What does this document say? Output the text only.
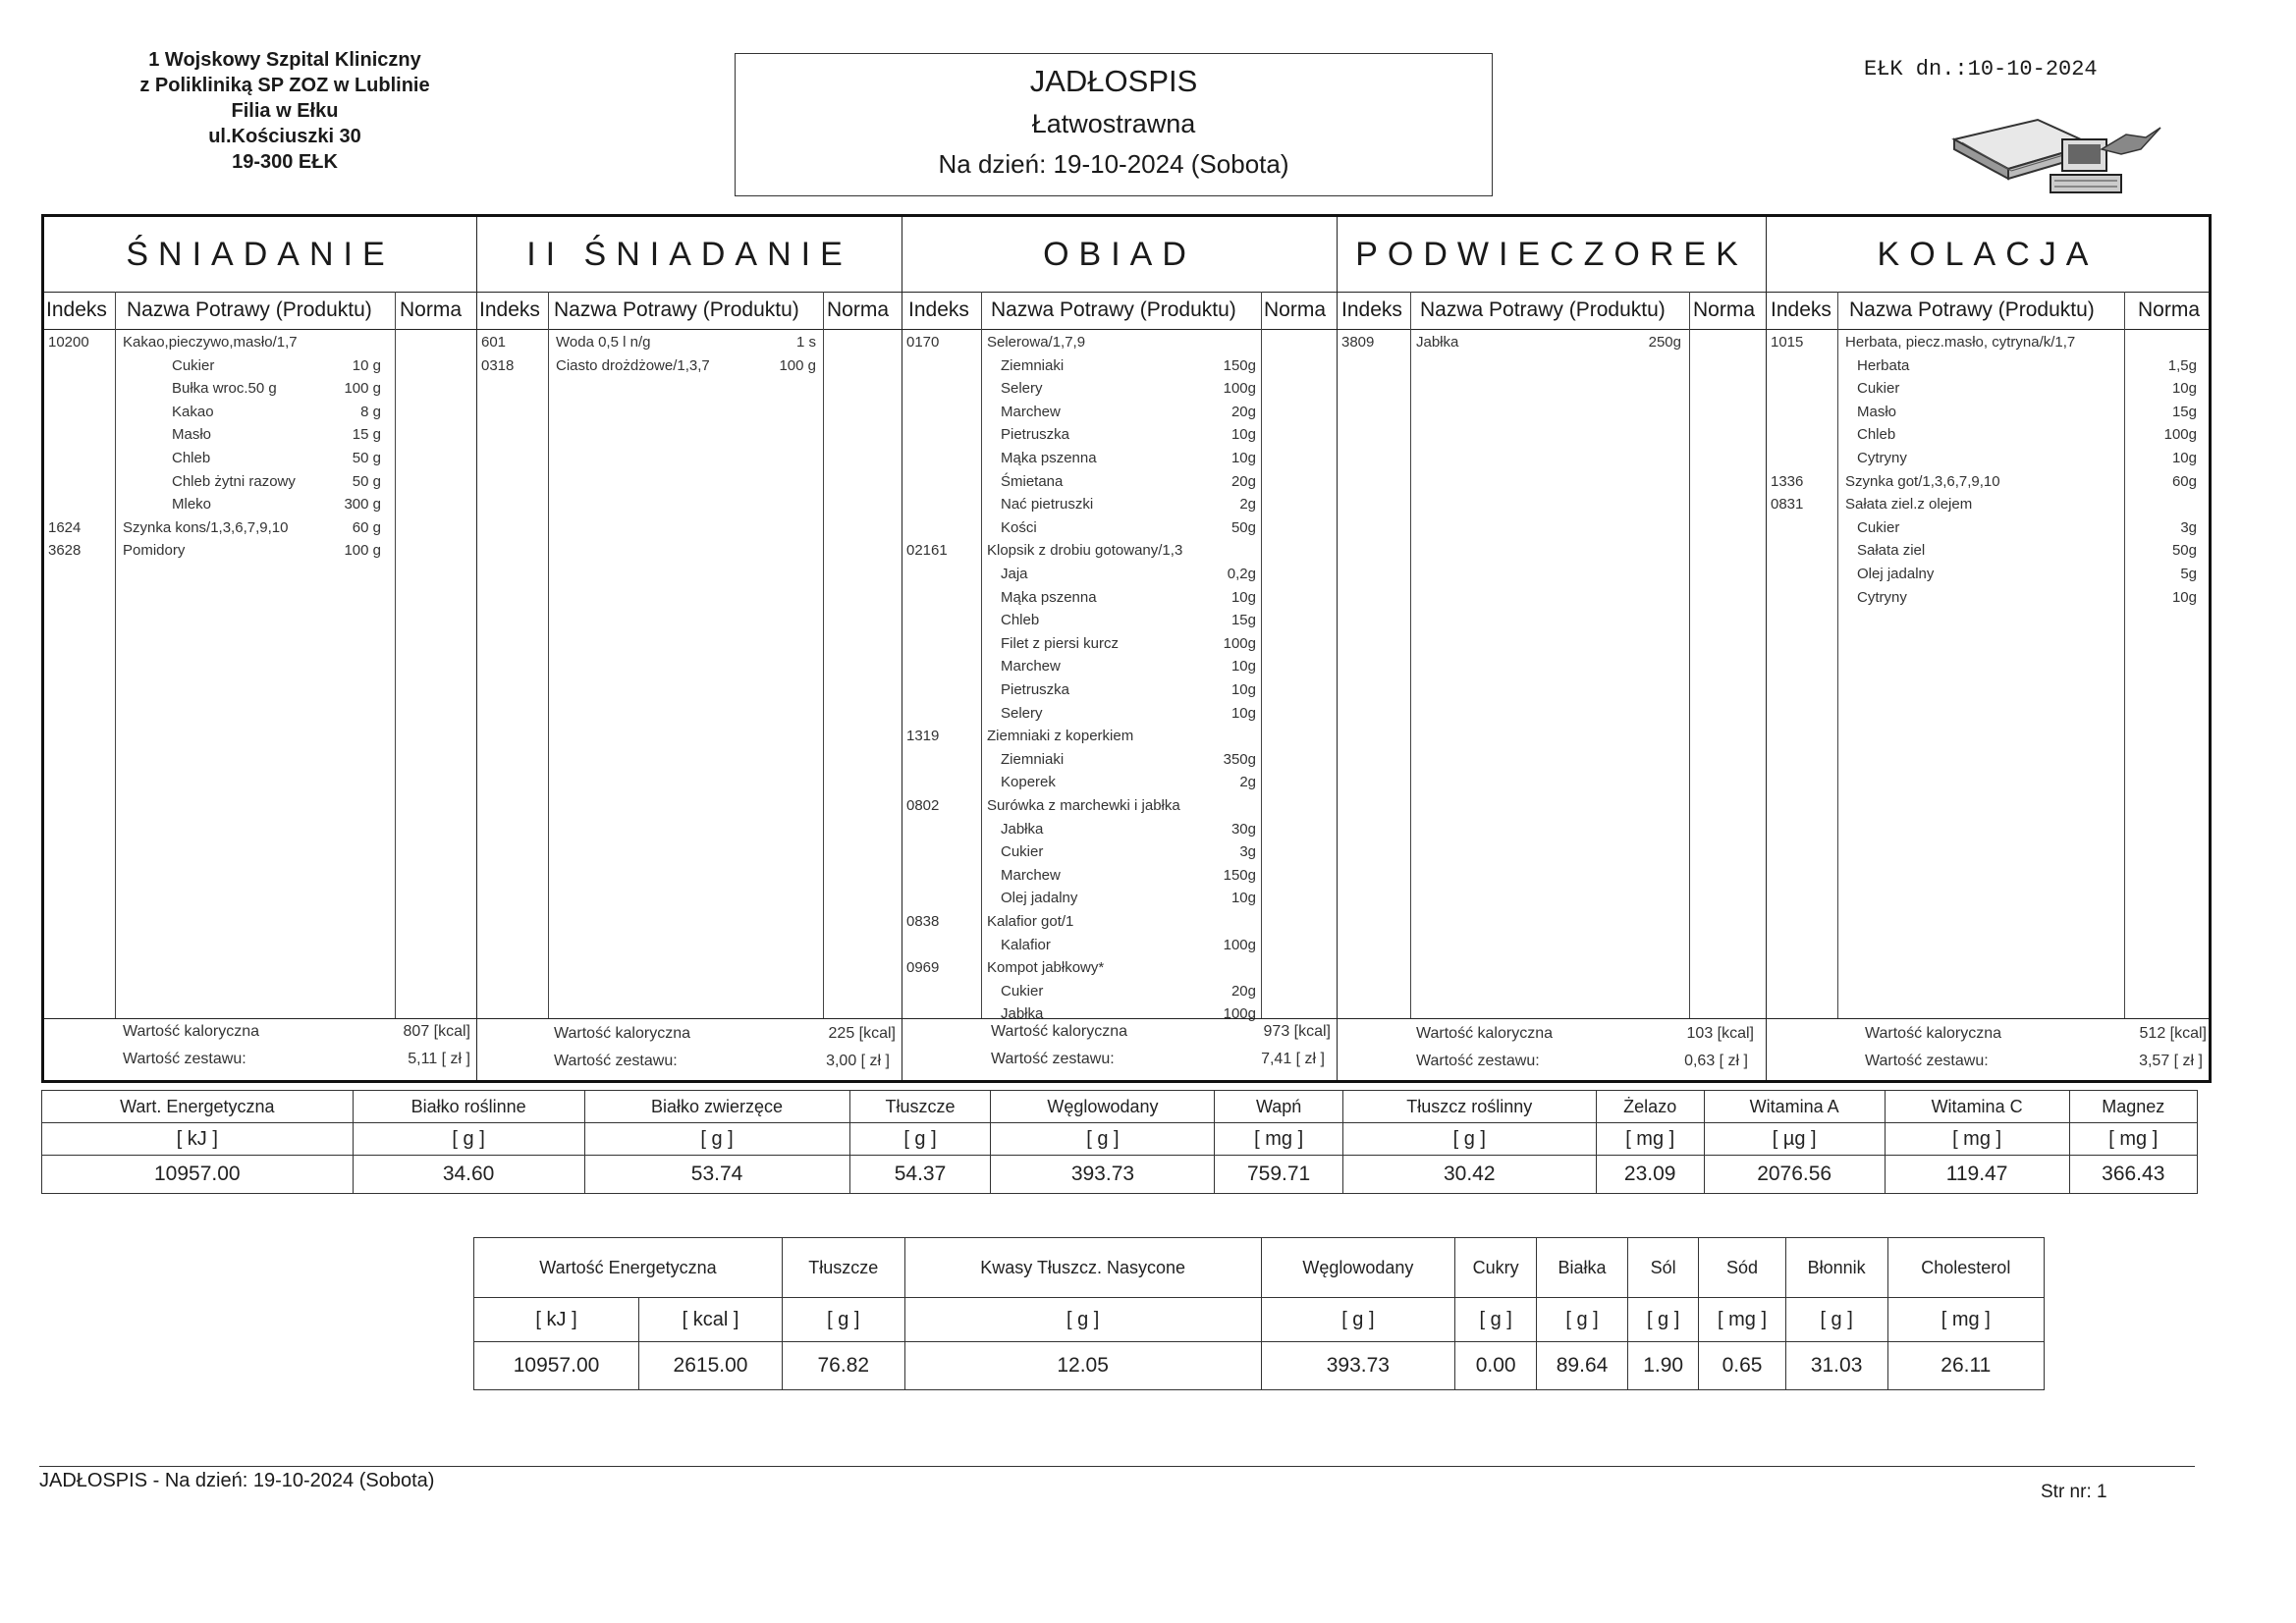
1 Wojskowy Szpital Kliniczny
z Polikliniką SP ZOZ w Lublinie
Filia w Ełku
ul.Kościuszki 30
19-300 EŁK
JADŁOSPIS
Łatwostrawna
Na dzień: 19-10-2024 (Sobota)
EŁK dn.:10-10-2024
ŚNIADANIE
Indeks Nazwa Potrawy (Produktu) Norma
10200 Kakao,pieczywo,masło/1,7
Cukier	10 g
Bułka wroc.50 g	100 g
Kakao	8 g
Masło	15 g
Chleb	50 g
Chleb żytni razowy	50 g
Mleko	300 g
1624	Szynka kons/1,3,6,7,9,10	60 g
3628	Pomidory	100 g
Wartość kaloryczna	807 [kcal]
Wartość zestawu:	5,11 [ zł ]
II ŚNIADANIE
Indeks Nazwa Potrawy (Produktu) Norma
601	Woda 0,5 l n/g	1 s
0318	Ciasto drożdżowe/1,3,7	100 g
Wartość kaloryczna	225 [kcal]
Wartość zestawu:	3,00 [ zł ]
OBIAD
Indeks Nazwa Potrawy (Produktu) Norma
0170	Selerowa/1,7,9
Ziemniaki	150g
Selery	100g
Marchew	20g
Pietruszka	10g
Mąka pszenna	10g
Śmietana	20g
Nać pietruszki	2g
Kości	50g
02161	Klopsik z drobiu gotowany/1,3
Jaja	0,2g
Mąka pszenna	10g
Chleb	15g
Filet z piersi kurcz	100g
Marchew	10g
Pietruszka	10g
Selery	10g
1319	Ziemniaki z koperkiem
Ziemniaki	350g
Koperek	2g
0802	Surówka z marchewki i jabłka
Jabłka	30g
Cukier	3g
Marchew	150g
Olej jadalny	10g
0838	Kalafior got/1
Kalafior	100g
0969	Kompot jabłkowy*
Cukier	20g
Jabłka	100g
Wartość kaloryczna	973 [kcal]
Wartość zestawu:	7,41 [ zł ]
PODWIECZOREK
Indeks Nazwa Potrawy (Produktu) Norma
3809	Jabłka	250g
Wartość kaloryczna	103 [kcal]
Wartość zestawu:	0,63 [ zł ]
KOLACJA
Indeks Nazwa Potrawy (Produktu) Norma
1015	Herbata, piecz.masło, cytryna/k/1,7
Herbata	1,5g
Cukier	10g
Masło	15g
Chleb	100g
Cytryny	10g
1336	Szynka got/1,3,6,7,9,10	60g
0831	Sałata ziel.z olejem
Cukier	3g
Sałata ziel	50g
Olej jadalny	5g
Cytryny	10g
Wartość kaloryczna	512 [kcal]
Wartość zestawu:	3,57 [ zł ]
Wart. Energetyczna	Białko roślinne	Białko zwierzęce	Tłuszcze	Węglowodany	Wapń	Tłuszcz roślinny	Żelazo	Witamina A	Witamina C	Magnez
[ kJ ]	[ g ]	[ g ]	[ g ]	[ g ]	[ mg ]	[ g ]	[ mg ]	[ µg ]	[ mg ]	[ mg ]
10957.00	34.60	53.74	54.37	393.73	759.71	30.42	23.09	2076.56	119.47	366.43
Wartość Energetyczna		Tłuszcze	Kwasy Tłuszcz. Nasycone	Węglowodany	Cukry	Białka	Sól	Sód	Błonnik	Cholesterol
[ kJ ]	[ kcal ]	[ g ]	[ g ]	[ g ]	[ g ]	[ g ]	[ g ]	[ mg ]	[ g ]	[ mg ]
10957.00	2615.00	76.82	12.05	393.73	0.00	89.64	1.90	0.65	31.03	26.11
JADŁOSPIS - Na dzień: 19-10-2024 (Sobota)
Str nr: 1
